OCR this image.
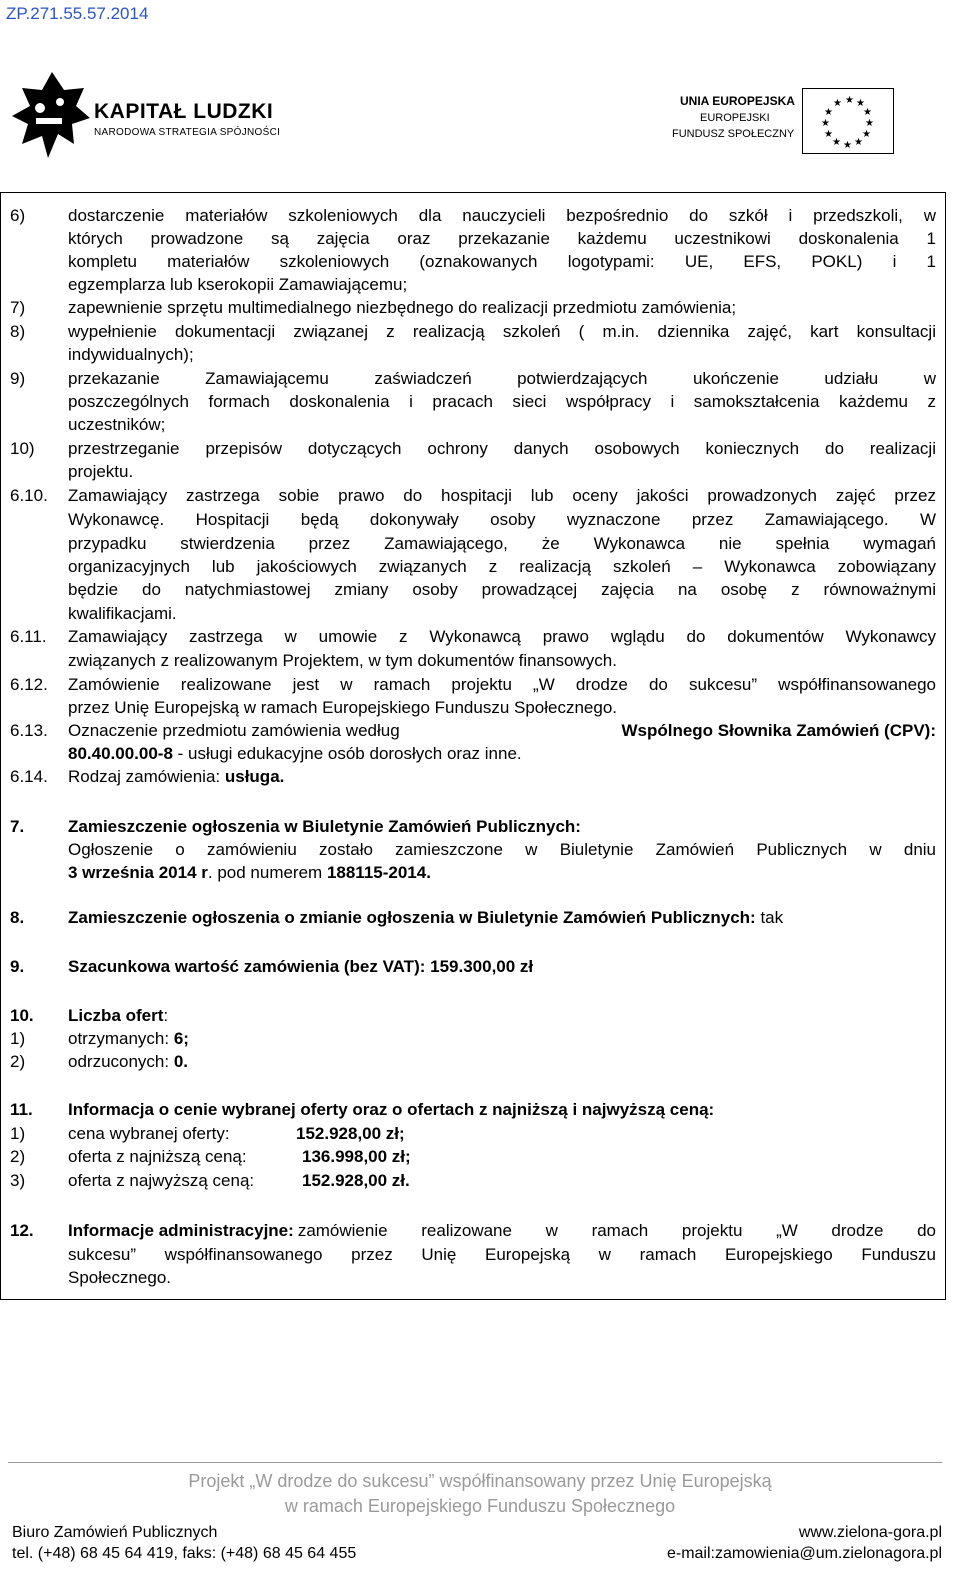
ZP.271.55.57.2014
KAPITAŁ LUDZKI
NARODOWA STRATEGIA SPÓJNOŚCI
UNIA EUROPEJSKA
EUROPEJSKI
FUNDUSZ SPOŁECZNY
★ ★
★
★
★
★
★
★
★
★
★
★
6)	dostarczenie materiałów szkoleniowych dla nauczycieli bezpośrednio do szkół i przedszkoli, w
których prowadzone są zajęcia oraz przekazanie każdemu uczestnikowi doskonalenia 1
kompletu materiałów szkoleniowych (oznakowanych logotypami: UE, EFS, POKL) i 1
egzemplarza lub kserokopii Zamawiającemu;
7)	zapewnienie sprzętu multimedialnego niezbędnego do realizacji przedmiotu zamówienia;
8)	wypełnienie dokumentacji związanej z realizacją szkoleń ( m.in. dziennika zajęć, kart konsultacji
indywidualnych);
9)	przekazanie Zamawiającemu zaświadczeń potwierdzających ukończenie udziału w
poszczególnych formach doskonalenia i pracach sieci współpracy i samokształcenia każdemu z
uczestników;
10) przestrzeganie przepisów dotyczących ochrony danych osobowych koniecznych do realizacji
projektu.
6.10. Zamawiający zastrzega sobie prawo do hospitacji lub oceny jakości prowadzonych zajęć przez
Wykonawcę. Hospitacji będą dokonywały osoby wyznaczone przez Zamawiającego. W
przypadku stwierdzenia przez Zamawiającego, że Wykonawca nie spełnia wymagań
organizacyjnych lub jakościowych związanych z realizacją szkoleń – Wykonawca zobowiązany
będzie do natychmiastowej zmiany osoby prowadzącej zajęcia na osobę z równoważnymi
kwalifikacjami.
6.11. Zamawiający zastrzega w umowie z Wykonawcą prawo wglądu do dokumentów Wykonawcy
związanych z realizowanym Projektem, w tym dokumentów finansowych.
6.12. Zamówienie realizowane jest w ramach projektu „W drodze do sukcesu” współfinansowanego
przez Unię Europejską w ramach Europejskiego Funduszu Społecznego.
6.13. Oznaczenie przedmiotu zamówienia według	Wspólnego Słownika Zamówień (CPV):
80.40.00.00-8 - usługi edukacyjne osób dorosłych oraz inne.
6.14. Rodzaj zamówienia: usługa.
7.	Zamieszczenie ogłoszenia w Biuletynie Zamówień Publicznych:
Ogłoszenie o zamówieniu zostało zamieszczone w Biuletynie Zamówień Publicznych w dniu
3 września 2014 r. pod numerem 188115-2014.
8.	Zamieszczenie ogłoszenia o zmianie ogłoszenia w Biuletynie Zamówień Publicznych: tak
9.	Szacunkowa wartość zamówienia (bez VAT): 159.300,00 zł
10. Liczba ofert:
1)	otrzymanych: 6;
2)	odrzuconych: 0.
11. Informacja o cenie wybranej oferty oraz o ofertach z najniższą i najwyższą ceną:
1)	cena wybranej oferty:	152.928,00 zł;
2)	oferta z najniższą ceną:	136.998,00 zł;
3)	oferta z najwyższą ceną:	152.928,00 zł.
12. Informacje administracyjne: zamówienie realizowane w ramach projektu „W drodze do
sukcesu” współfinansowanego przez Unię Europejską w ramach Europejskiego Funduszu
Społecznego.
Projekt „W drodze do sukcesu” współfinansowany przez Unię Europejską
w ramach Europejskiego Funduszu Społecznego
Biuro Zamówień Publicznych
tel. (+48) 68 45 64 419, faks: (+48) 68 45 64 455
www.zielona-gora.pl
e-mail:zamowienia@um.zielonagora.pl
